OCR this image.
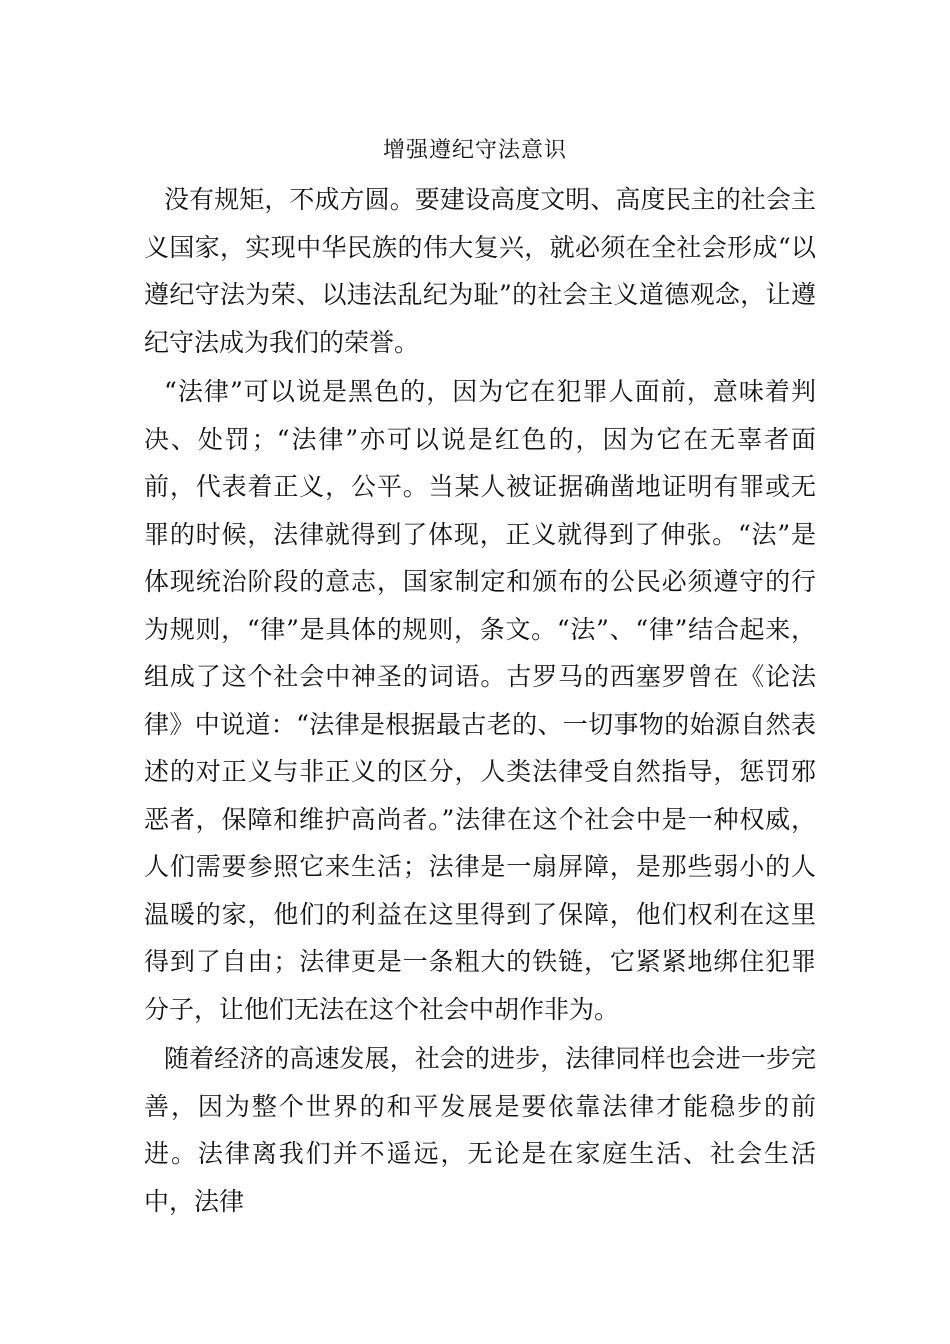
增强遵纪守法意识

没有规矩，不成方圆。要建设高度文明、高度民主的社会主义国家，实现中华民族的伟大复兴，就必须在全社会形成“以遵纪守法为荣、以违法乱纪为耻”的社会主义道德观念，让遵纪守法成为我们的荣誉。

“法律”可以说是黑色的，因为它在犯罪人面前，意味着判决、处罚；“法律”亦可以说是红色的，因为它在无辜者面前，代表着正义，公平。当某人被证据确凿地证明有罪或无罪的时候，法律就得到了体现，正义就得到了伸张。“法”是体现统治阶段的意志，国家制定和颁布的公民必须遵守的行为规则，“律”是具体的规则，条文。“法”、“律”结合起来，组成了这个社会中神圣的词语。古罗马的西塞罗曾在《论法律》中说道：“法律是根据最古老的、一切事物的始源自然表述的对正义与非正义的区分，人类法律受自然指导，惩罚邪恶者，保障和维护高尚者。”法律在这个社会中是一种权威，人们需要参照它来生活；法律是一扇屏障，是那些弱小的人温暖的家，他们的利益在这里得到了保障，他们权利在这里得到了自由；法律更是一条粗大的铁链，它紧紧地绑住犯罪分子，让他们无法在这个社会中胡作非为。

随着经济的高速发展，社会的进步，法律同样也会进一步完善，因为整个世界的和平发展是要依靠法律才能稳步的前进。法律离我们并不遥远，无论是在家庭生活、社会生活中，法律
